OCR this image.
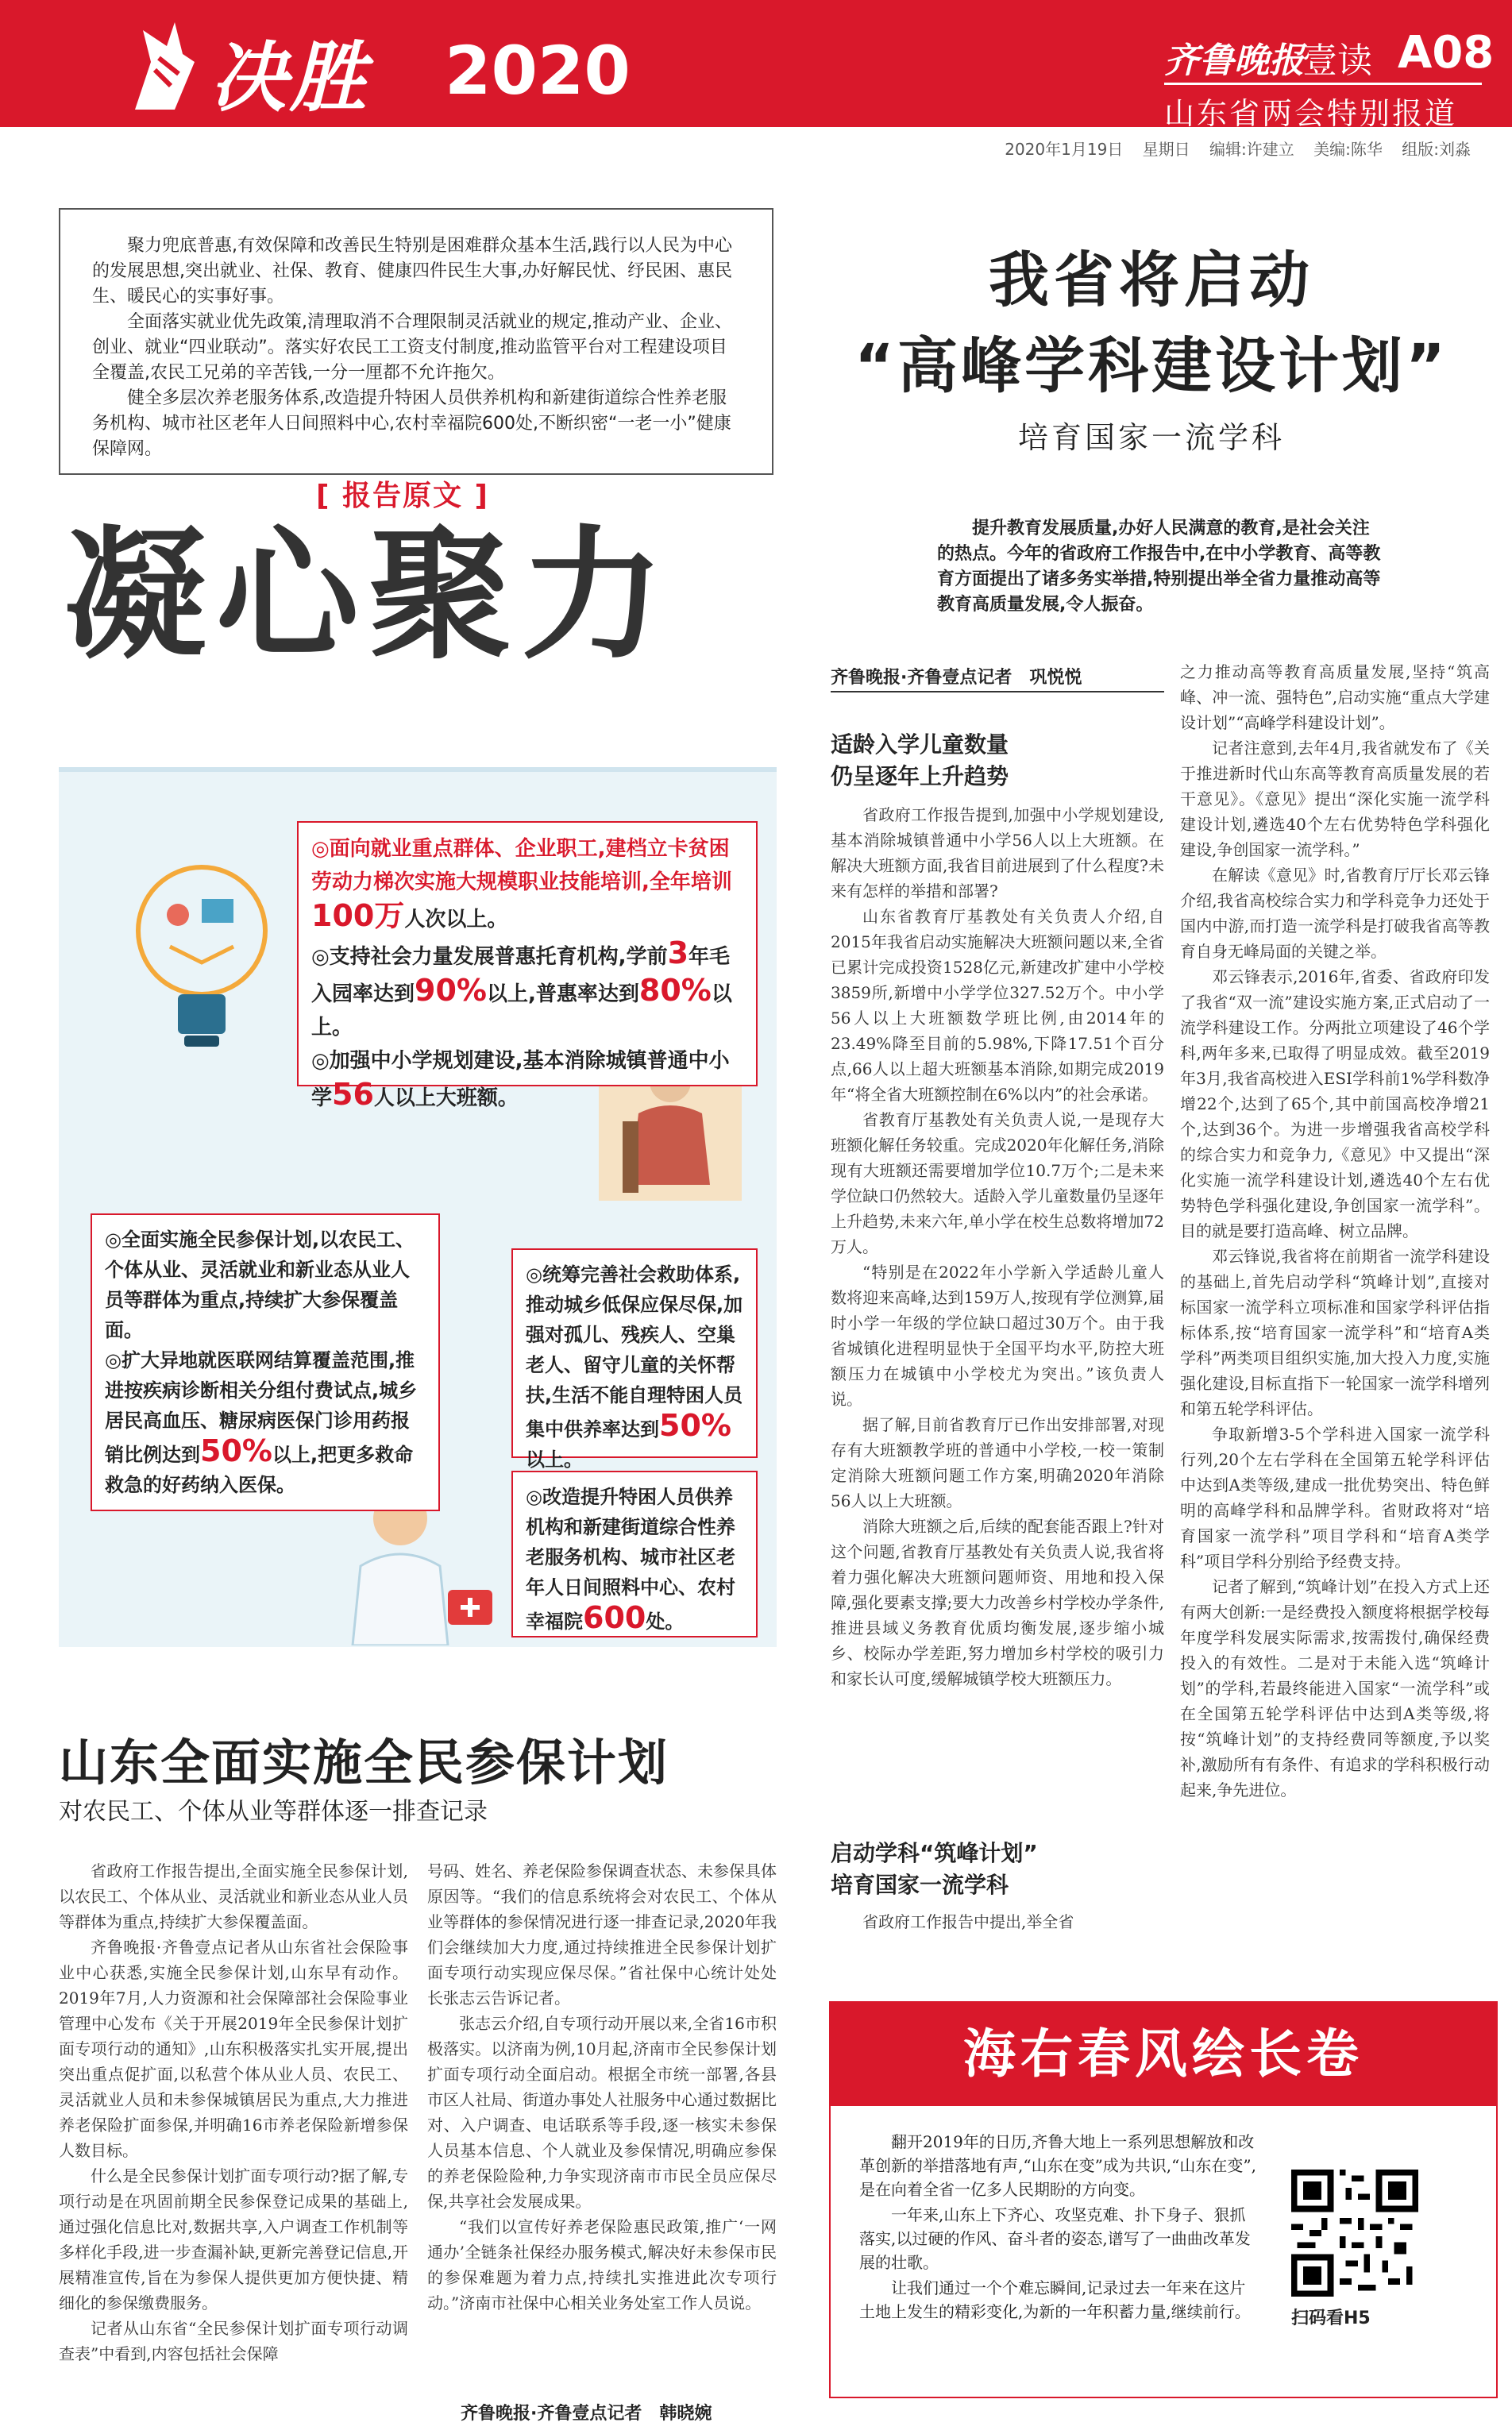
决胜 2020	齐鲁晚报
壹读 A08
山东省两会特别报道
2020年1月19日 星期日 编辑:许建立 美编:陈华 组版:刘淼

聚力兜底普惠,有效保障和改善民生特别是困难群众基本生活,践行以人民为中心的发展思想,突出就业、社保、教育、健康四件民生大事,办好解民忧、纾民困、惠民生、暖民心的实事好事。

全面落实就业优先政策,清理取消不合理限制灵活就业的规定,推动产业、企业、创业、就业“四业联动”。落实好农民工工资支付制度,推动监管平台对工程建设项目全覆盖,农民工兄弟的辛苦钱,一分一厘都不允许拖欠。

健全多层次养老服务体系,改造提升特困人员供养机构和新建街道综合性养老服务机构、城市社区老年人日间照料中心,农村幸福院600处,不断织密“一老一小”健康保障网。

[ 报告原文 ]
凝心聚力
◎面向就业重点群体、企业职工,建档立卡贫困劳动力梯次实施大规模职业技能培训,全年培训100万人次以上。
◎支持社会力量发展普惠托育机构,学前3年毛入园率达到90%以上,普惠率达到80%以上。
◎加强中小学规划建设,基本消除城镇普通中小学56人以上大班额。
◎全面实施全民参保计划,以农民工、个体从业、灵活就业和新业态从业人员等群体为重点,持续扩大参保覆盖面。
◎扩大异地就医联网结算覆盖范围,推进按疾病诊断相关分组付费试点,城乡居民高血压、糖尿病医保门诊用药报销比例达到50%以上,把更多救命救急的好药纳入医保。
◎统筹完善社会救助体系,推动城乡低保应保尽保,加强对孤儿、残疾人、空巢老人、留守儿童的关怀帮扶,生活不能自理特困人员集中供养率达到50%以上。
◎改造提升特困人员供养机构和新建街道综合性养老服务机构、城市社区老年人日间照料中心、农村幸福院600处。
山东全面实施全民参保计划
对农民工、个体从业等群体逐一排查记录

省政府工作报告提出,全面实施全民参保计划,以农民工、个体从业、灵活就业和新业态从业人员等群体为重点,持续扩大参保覆盖面。

齐鲁晚报·齐鲁壹点记者从山东省社会保险事业中心获悉,实施全民参保计划,山东早有动作。2019年7月,人力资源和社会保障部社会保险事业管理中心发布《关于开展2019年全民参保计划扩面专项行动的通知》,山东积极落实扎实开展,提出突出重点促扩面,以私营个体从业人员、农民工、灵活就业人员和未参保城镇居民为重点,大力推进养老保险扩面参保,并明确16市养老保险新增参保人数目标。

什么是全民参保计划扩面专项行动?据了解,专项行动是在巩固前期全民参保登记成果的基础上,通过强化信息比对,数据共享,入户调查工作机制等多样化手段,进一步查漏补缺,更新完善登记信息,开展精准宣传,旨在为参保人提供更加方便快捷、精细化的参保缴费服务。

记者从山东省“全民参保计划扩面专项行动调查表”中看到,内容包括社会保障

号码、姓名、养老保险参保调查状态、未参保具体原因等。“我们的信息系统将会对农民工、个体从业等群体的参保情况进行逐一排查记录,2020年我们会继续加大力度,通过持续推进全民参保计划扩面专项行动实现应保尽保。”省社保中心统计处处长张志云告诉记者。

张志云介绍,自专项行动开展以来,全省16市积极落实。以济南为例,10月起,济南市全民参保计划扩面专项行动全面启动。根据全市统一部署,各县市区人社局、街道办事处人社服务中心通过数据比对、入户调查、电话联系等手段,逐一核实未参保人员基本信息、个人就业及参保情况,明确应参保的养老保险险种,力争实现济南市市民全员应保尽保,共享社会发展成果。

“我们以宣传好养老保险惠民政策,推广‘一网通办’全链条社保经办服务模式,解决好未参保市民的参保难题为着力点,持续扎实推进此次专项行动。”济南市社保中心相关业务处室工作人员说。

齐鲁晚报·齐鲁壹点记者　韩晓婉
我省将启动
“高峰学科建设计划”
培育国家一流学科
提升教育发展质量,办好人民满意的教育,是社会关注的热点。今年的省政府工作报告中,在中小学教育、高等教育方面提出了诸多务实举措,特别提出举全省力量推动高等教育高质量发展,令人振奋。
齐鲁晚报·齐鲁壹点记者　巩悦悦
适龄入学儿童数量
仍呈逐年上升趋势

省政府工作报告提到,加强中小学规划建设,基本消除城镇普通中小学56人以上大班额。在解决大班额方面,我省目前进展到了什么程度?未来有怎样的举措和部署?

山东省教育厅基教处有关负责人介绍,自2015年我省启动实施解决大班额问题以来,全省已累计完成投资1528亿元,新建改扩建中小学校3859所,新增中小学学位327.52万个。中小学56人以上大班额数学班比例,由2014年的23.49%降至目前的5.98%,下降17.51个百分点,66人以上超大班额基本消除,如期完成2019年“将全省大班额控制在6%以内”的社会承诺。

省教育厅基教处有关负责人说,一是现存大班额化解任务较重。完成2020年化解任务,消除现有大班额还需要增加学位10.7万个;二是未来学位缺口仍然较大。适龄入学儿童数量仍呈逐年上升趋势,未来六年,单小学在校生总数将增加72万人。

“特别是在2022年小学新入学适龄儿童人数将迎来高峰,达到159万人,按现有学位测算,届时小学一年级的学位缺口超过30万个。由于我省城镇化进程明显快于全国平均水平,防控大班额压力在城镇中小学校尤为突出。”该负责人说。

据了解,目前省教育厅已作出安排部署,对现存有大班额教学班的普通中小学校,一校一策制定消除大班额问题工作方案,明确2020年消除56人以上大班额。

消除大班额之后,后续的配套能否跟上?针对这个问题,省教育厅基教处有关负责人说,我省将着力强化解决大班额问题师资、用地和投入保障,强化要素支撑;要大力改善乡村学校办学条件,推进县域义务教育优质均衡发展,逐步缩小城乡、校际办学差距,努力增加乡村学校的吸引力和家长认可度,缓解城镇学校大班额压力。

启动学科“筑峰计划”
培育国家一流学科

省政府工作报告中提出,举全省

之力推动高等教育高质量发展,坚持“筑高峰、冲一流、强特色”,启动实施“重点大学建设计划”“高峰学科建设计划”。

记者注意到,去年4月,我省就发布了《关于推进新时代山东高等教育高质量发展的若干意见》。《意见》提出“深化实施一流学科建设计划,遴选40个左右优势特色学科强化建设,争创国家一流学科。”

在解读《意见》时,省教育厅厅长邓云锋介绍,我省高校综合实力和学科竞争力还处于国内中游,而打造一流学科是打破我省高等教育自身无峰局面的关键之举。

邓云锋表示,2016年,省委、省政府印发了我省“双一流”建设实施方案,正式启动了一流学科建设工作。分两批立项建设了46个学科,两年多来,已取得了明显成效。截至2019年3月,我省高校进入ESI学科前1%学科数净增22个,达到了65个,其中前国高校净增21个,达到36个。为进一步增强我省高校学科的综合实力和竞争力,《意见》中又提出“深化实施一流学科建设计划,遴选40个左右优势特色学科强化建设,争创国家一流学科”。目的就是要打造高峰、树立品牌。

邓云锋说,我省将在前期省一流学科建设的基础上,首先启动学科“筑峰计划”,直接对标国家一流学科立项标准和国家学科评估指标体系,按“培育国家一流学科”和“培育A类学科”两类项目组织实施,加大投入力度,实施强化建设,目标直指下一轮国家一流学科增列和第五轮学科评估。

争取新增3-5个学科进入国家一流学科行列,20个左右学科在全国第五轮学科评估中达到A类等级,建成一批优势突出、特色鲜明的高峰学科和品牌学科。省财政将对“培育国家一流学科”项目学科和“培育A类学科”项目学科分别给予经费支持。

记者了解到,“筑峰计划”在投入方式上还有两大创新:一是经费投入额度将根据学校每年度学科发展实际需求,按需拨付,确保经费投入的有效性。二是对于未能入选“筑峰计划”的学科,若最终能进入国家“一流学科”或在全国第五轮学科评估中达到A类等级,将按“筑峰计划”的支持经费同等额度,予以奖补,激励所有有条件、有追求的学科积极行动起来,争先进位。

海右春风绘长卷

翻开2019年的日历,齐鲁大地上一系列思想解放和改革创新的举措落地有声,“山东在变”成为共识,“山东在变”,是在向着全省一亿多人民期盼的方向变。

一年来,山东上下齐心、攻坚克难、扑下身子、狠抓落实,以过硬的作风、奋斗者的姿态,谱写了一曲曲改革发展的壮歌。

让我们通过一个个难忘瞬间,记录过去一年来在这片土地上发生的精彩变化,为新的一年积蓄力量,继续前行。	扫码看H5
